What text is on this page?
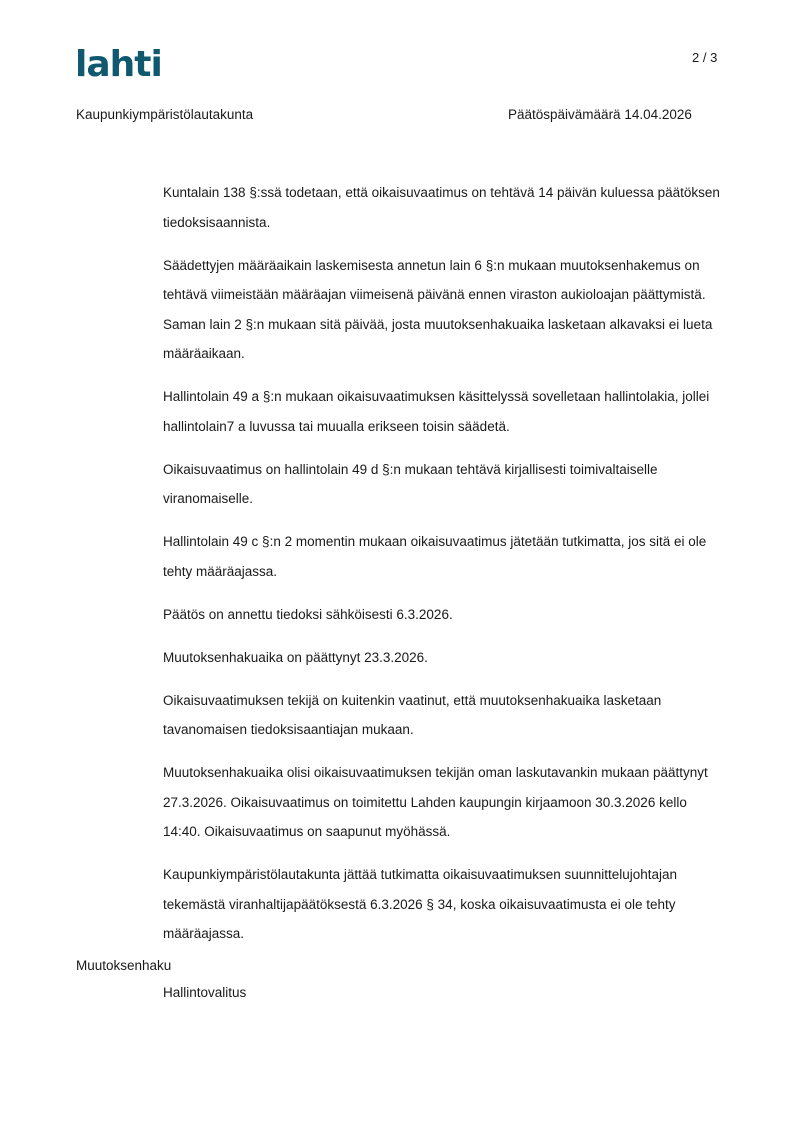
lahti	2 / 3
Kaupunkiympäristölautakunta	Päätöspäivämäärä 14.04.2026

Kuntalain 138 §:ssä todetaan, että oikaisuvaatimus on tehtävä 14 päivän kuluessa päätöksen tiedoksisaannista.

Säädettyjen määräaikain laskemisesta annetun lain 6 §:n mukaan muutoksenhakemus on tehtävä viimeistään määräajan viimeisenä päivänä ennen viraston aukioloajan päättymistä. Saman lain 2 §:n mukaan sitä päivää, josta muutoksenhakuaika lasketaan alkavaksi ei lueta määräaikaan.

Hallintolain 49 a §:n mukaan oikaisuvaatimuksen käsittelyssä sovelletaan hallintolakia, jollei hallintolain7 a luvussa tai muualla erikseen toisin säädetä.

Oikaisuvaatimus on hallintolain 49 d §:n mukaan tehtävä kirjallisesti toimivaltaiselle viranomaiselle.

Hallintolain 49 c §:n 2 momentin mukaan oikaisuvaatimus jätetään tutkimatta, jos sitä ei ole tehty määräajassa.

Päätös on annettu tiedoksi sähköisesti 6.3.2026.

Muutoksenhakuaika on päättynyt 23.3.2026.

Oikaisuvaatimuksen tekijä on kuitenkin vaatinut, että muutoksenhakuaika lasketaan tavanomaisen tiedoksisaantiajan mukaan.

Muutoksenhakuaika olisi oikaisuvaatimuksen tekijän oman laskutavankin mukaan päättynyt 27.3.2026. Oikaisuvaatimus on toimitettu Lahden kaupungin kirjaamoon 30.3.2026 kello 14:40. Oikaisuvaatimus on saapunut myöhässä.

Kaupunkiympäristölautakunta jättää tutkimatta oikaisuvaatimuksen suunnittelujohtajan tekemästä viranhaltijapäätöksestä 6.3.2026 § 34, koska oikaisuvaatimusta ei ole tehty määräajassa.

Muutoksenhaku
Hallintovalitus
